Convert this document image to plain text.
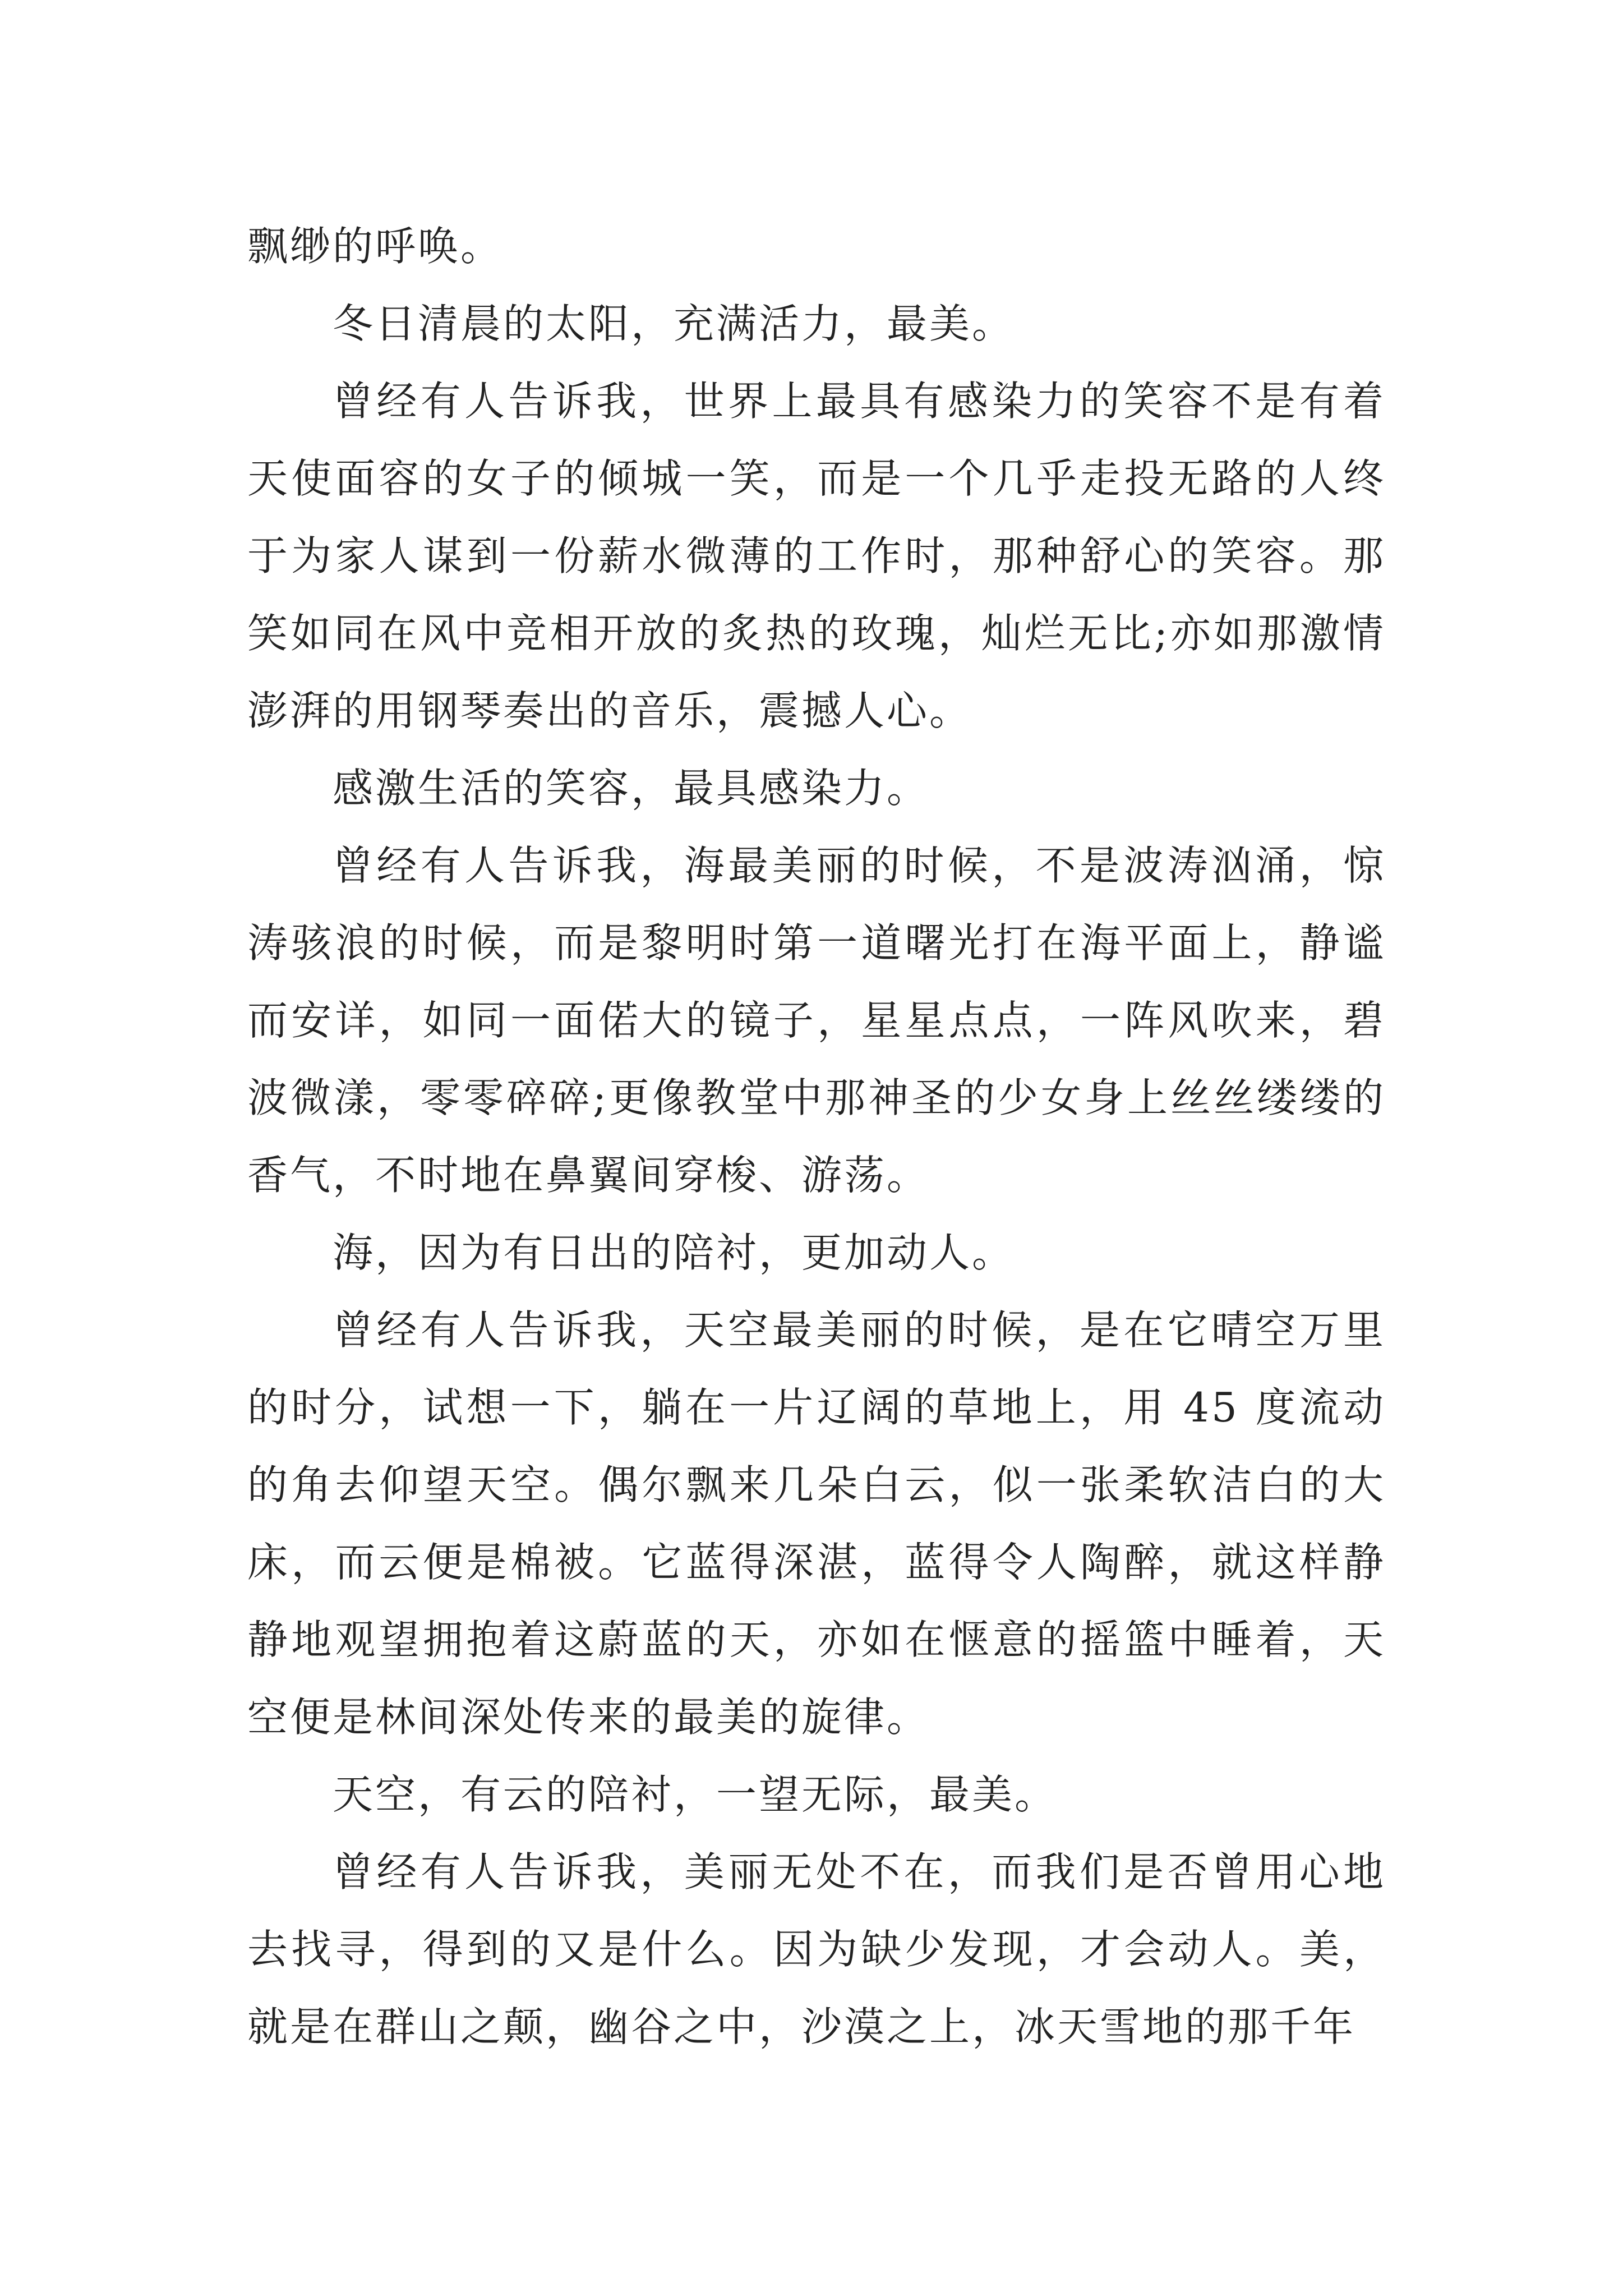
飘缈的呼唤。

冬日清晨的太阳，充满活力，最美。

曾经有人告诉我，世界上最具有感染力的笑容不是有着天使面容的女子的倾城一笑，而是一个几乎走投无路的人终于为家人谋到一份薪水微薄的工作时，那种舒心的笑容。那笑如同在风中竞相开放的炙热的玫瑰，灿烂无比;亦如那激情澎湃的用钢琴奏出的音乐，震撼人心。

感激生活的笑容，最具感染力。

曾经有人告诉我，海最美丽的时候，不是波涛汹涌，惊涛骇浪的时候，而是黎明时第一道曙光打在海平面上，静谧而安详，如同一面偌大的镜子，星星点点，一阵风吹来，碧波微漾，零零碎碎;更像教堂中那神圣的少女身上丝丝缕缕的香气，不时地在鼻翼间穿梭、游荡。

海，因为有日出的陪衬，更加动人。

曾经有人告诉我，天空最美丽的时候，是在它晴空万里的时分，试想一下，躺在一片辽阔的草地上，用 45 度流动的角去仰望天空。偶尔飘来几朵白云，似一张柔软洁白的大床，而云便是棉被。它蓝得深湛，蓝得令人陶醉，就这样静静地观望拥抱着这蔚蓝的天，亦如在惬意的摇篮中睡着，天空便是林间深处传来的最美的旋律。

天空，有云的陪衬，一望无际，最美。

曾经有人告诉我，美丽无处不在，而我们是否曾用心地去找寻，得到的又是什么。因为缺少发现，才会动人。美，就是在群山之颠，幽谷之中，沙漠之上，冰天雪地的那千年
